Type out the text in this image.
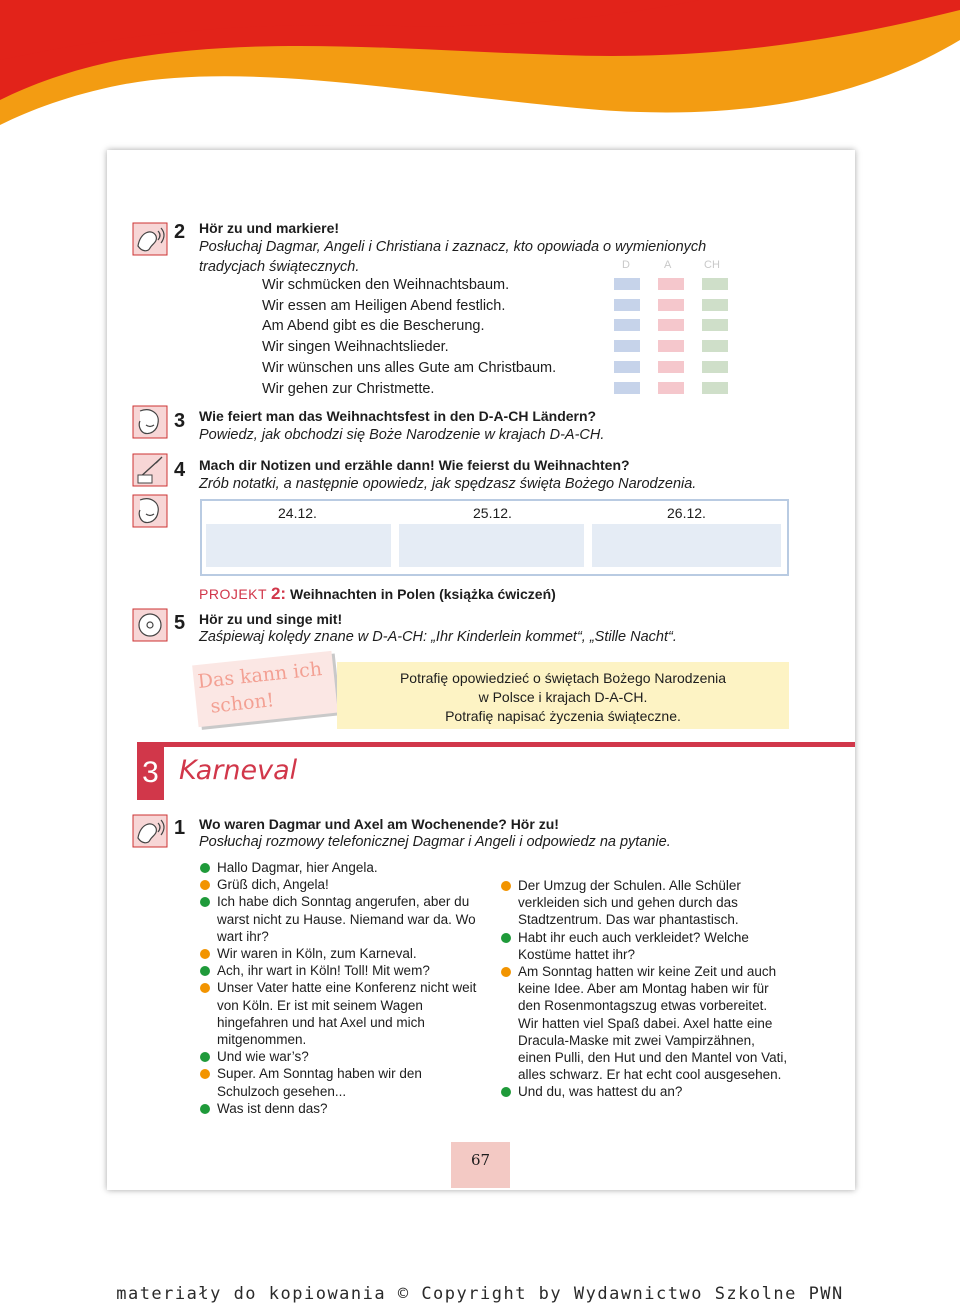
2 Hör zu und markiere!
Posłuchaj Dagmar, Angeli i Christiana i zaznacz, kto opowiada o wymienionych tradycjach świątecznych.	D	A	CH
Wir schmücken den Weihnachtsbaum.
Wir essen am Heiligen Abend festlich.
Am Abend gibt es die Bescherung.
Wir singen Weihnachtslieder.
Wir wünschen uns alles Gute am Christbaum.
Wir gehen zur Christmette.
3 Wie feiert man das Weihnachtsfest in den D-A-CH Ländern?
Powiedz, jak obchodzi się Boże Narodzenie w krajach D-A-CH.
4 Mach dir Notizen und erzähle dann! Wie feierst du Weihnachten?
Zrób notatki, a następnie opowiedz, jak spędzasz święta Bożego Narodzenia.
24.12.	25.12.	26.12.
PROJEKT 2: Weihnachten in Polen (książka ćwiczeń)
5 Hör zu und singe mit!
Zaśpiewaj kolędy znane w D-A-CH: „Ihr Kinderlein kommet“, „Stille Nacht“.
Das kann ich
schon!
Potrafię opowiedzieć o świętach Bożego Narodzenia
w Polsce i krajach D-A-CH.
Potrafię napisać życzenia świąteczne.
3 Karneval
1 Wo waren Dagmar und Axel am Wochenende? Hör zu!
Posłuchaj rozmowy telefonicznej Dagmar i Angeli i odpowiedz na pytanie.
Hallo Dagmar, hier Angela.
Grüß dich, Angela!
Ich habe dich Sonntag angerufen, aber du warst nicht zu Hause. Niemand war da. Wo wart ihr?
Wir waren in Köln, zum Karneval.
Ach, ihr wart in Köln! Toll! Mit wem?
Unser Vater hatte eine Konferenz nicht weit von Köln. Er ist mit seinem Wagen hingefahren und hat Axel und mich mitgenommen.
Und wie war’s?
Super. Am Sonntag haben wir den Schulzoch gesehen...
Was ist denn das?
Der Umzug der Schulen. Alle Schüler verkleiden sich und gehen durch das Stadtzentrum. Das war phantastisch.
Habt ihr euch auch verkleidet? Welche Kostüme hattet ihr?
Am Sonntag hatten wir keine Zeit und auch keine Idee. Aber am Montag haben wir für den Rosenmontagszug etwas vorbereitet. Wir hatten viel Spaß dabei. Axel hatte eine Dracula-Maske mit zwei Vampirzähnen, einen Pulli, den Hut und den Mantel von Vati, alles schwarz. Er hat echt cool ausgesehen.
Und du, was hattest du an?
67
materiały do kopiowania © Copyright by Wydawnictwo Szkolne PWN
